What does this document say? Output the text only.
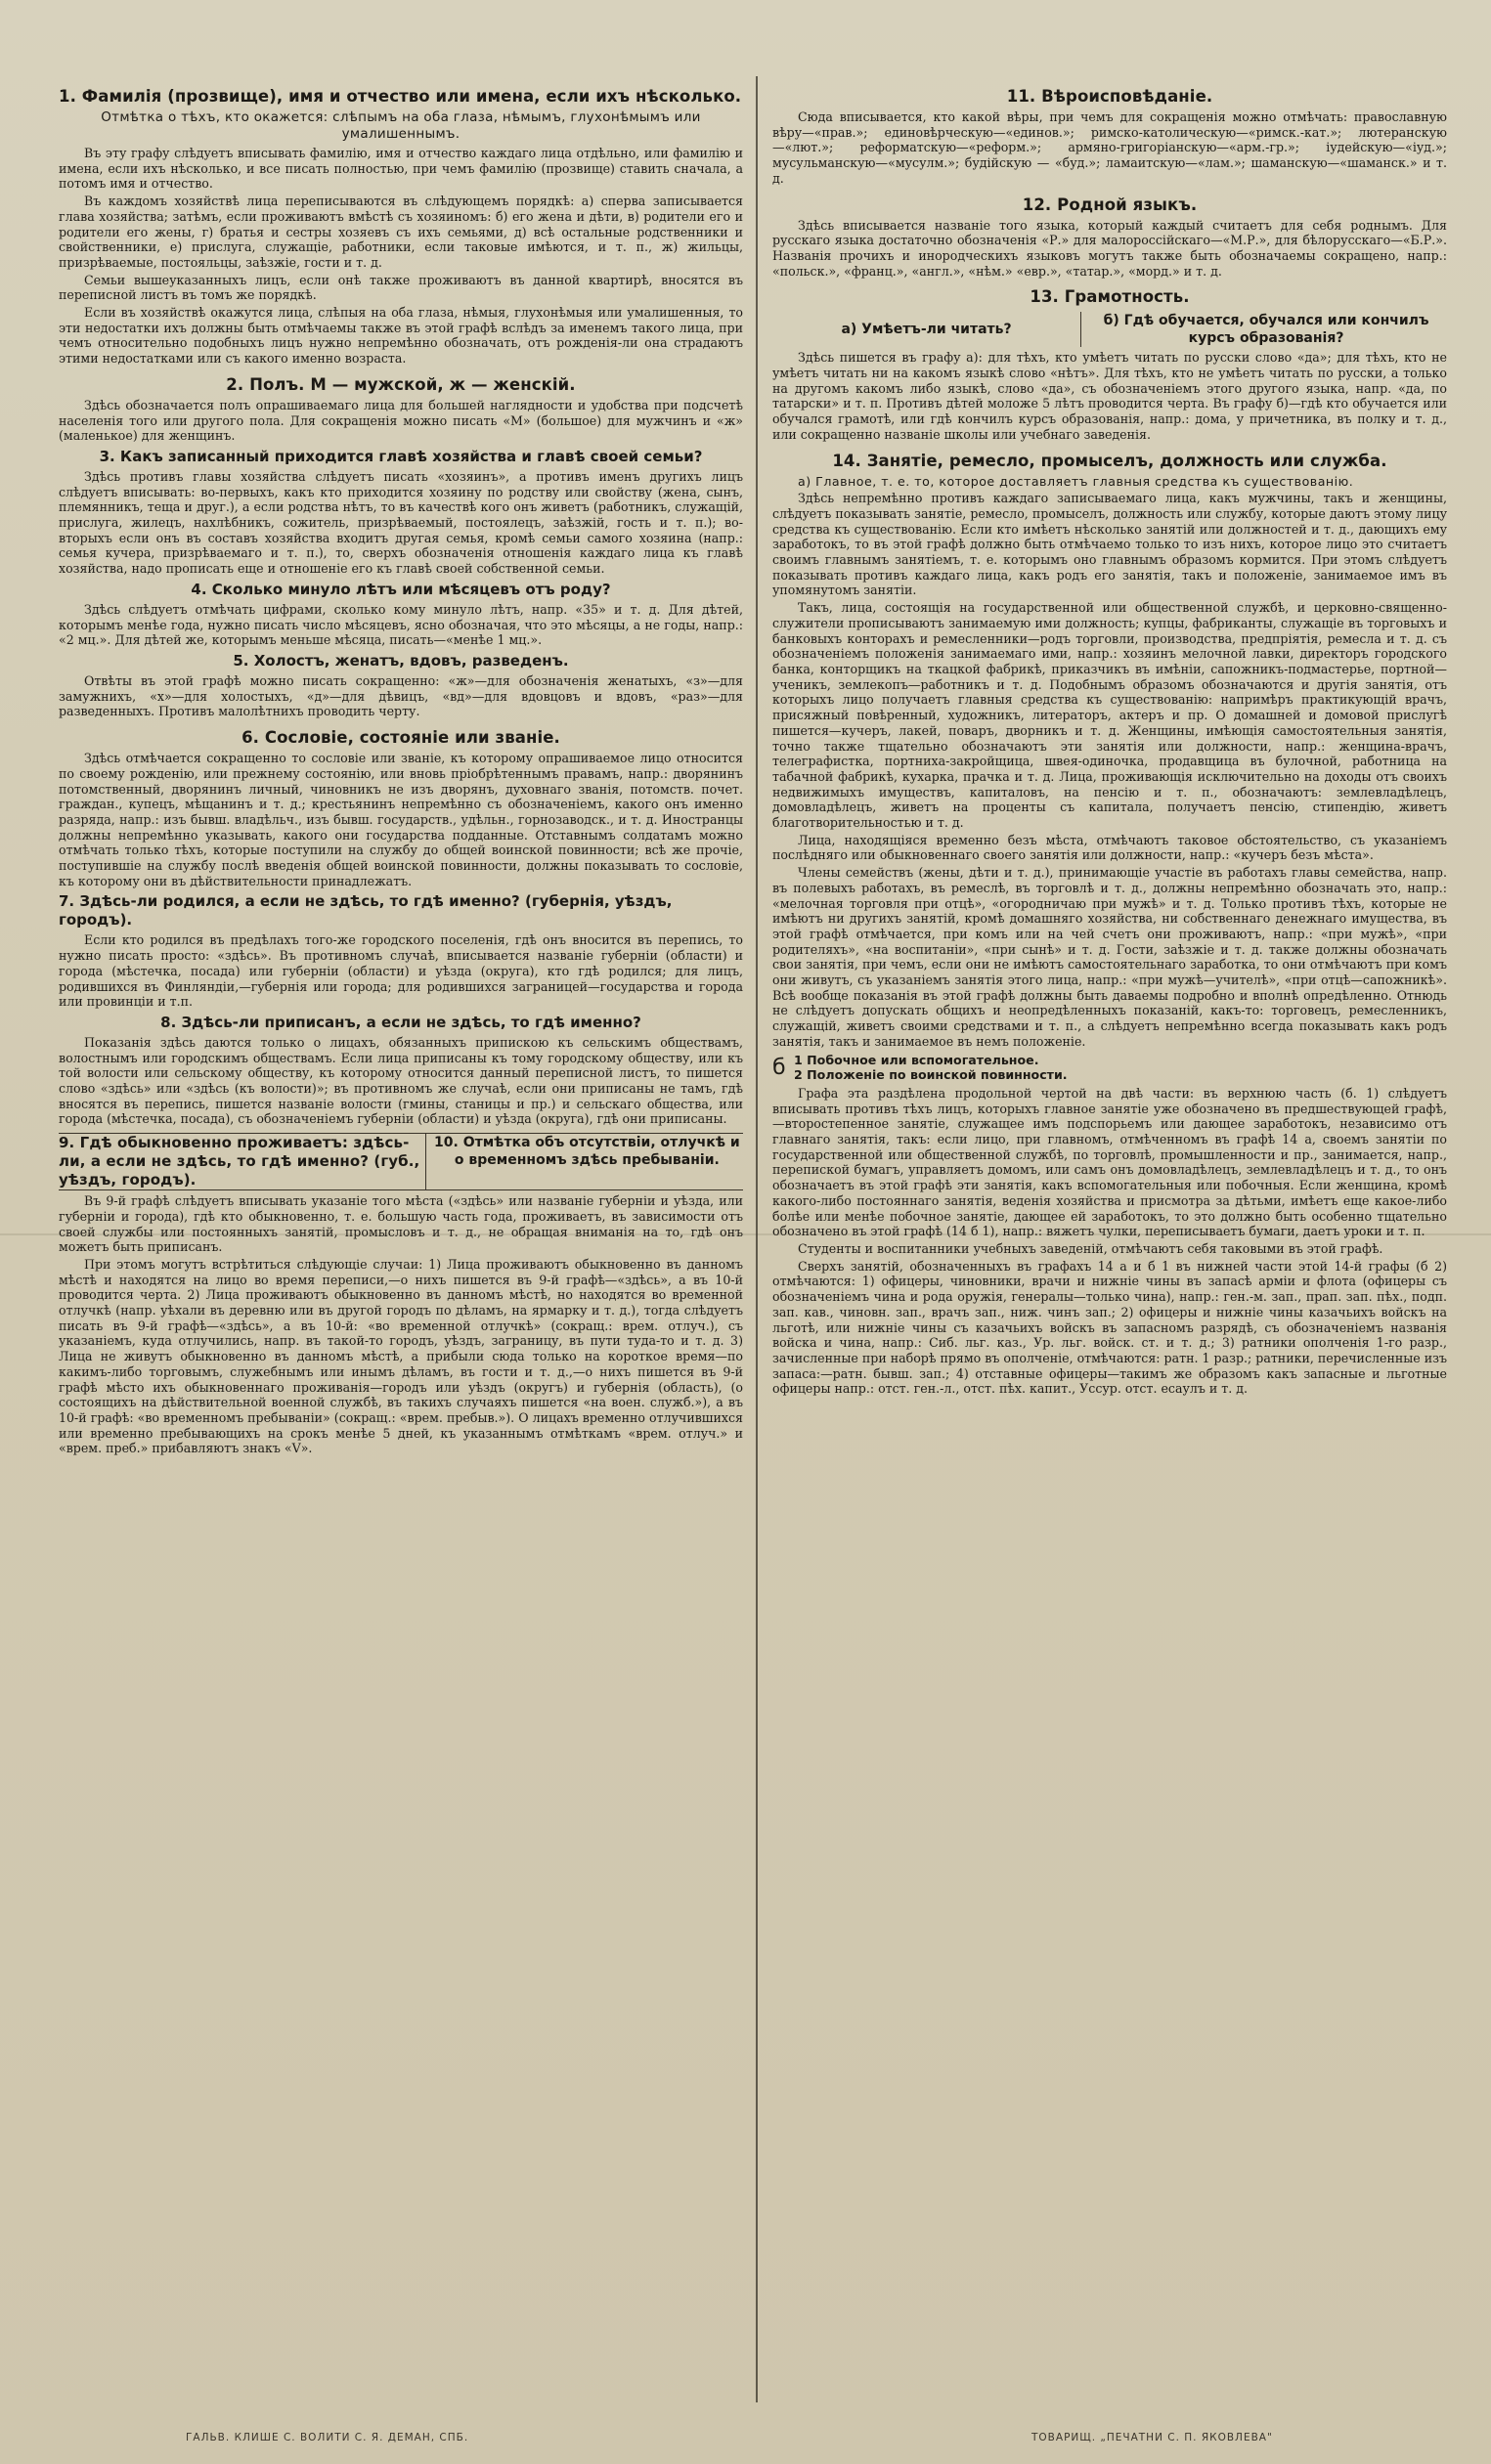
1. Фамилія (прозвище), имя и отчество или имена, если ихъ нѣсколько.
Отмѣтка о тѣхъ, кто окажется: слѣпымъ на оба глаза, нѣмымъ, глухонѣмымъ или умалишеннымъ.

Въ эту графу слѣдуетъ вписывать фамилію, имя и отчество каждаго лица отдѣльно, или фамилію и имена, если ихъ нѣсколько, и все писать полностью, при чемъ фамилію (прозвище) ставить сначала, а потомъ имя и отчество.

Въ каждомъ хозяйствѣ лица переписываются въ слѣдующемъ порядкѣ: а) сперва записывается глава хозяйства; затѣмъ, если проживаютъ вмѣстѣ съ хозяиномъ: б) его жена и дѣти, в) родители его и родители его жены, г) братья и сестры хозяевъ съ ихъ семьями, д) всѣ остальные родственники и свойственники, е) прислуга, служащіе, работники, если таковые имѣются, и т. п., ж) жильцы, призрѣваемые, постояльцы, заѣзжіе, гости и т. д.

Семьи вышеуказанныхъ лицъ, если онѣ также проживаютъ въ данной квартирѣ, вносятся въ переписной листъ въ томъ же порядкѣ.

Если въ хозяйствѣ окажутся лица, слѣпыя на оба глаза, нѣмыя, глухонѣмыя или умалишенныя, то эти недостатки ихъ должны быть отмѣчаемы также въ этой графѣ вслѣдъ за именемъ такого лица, при чемъ относительно подобныхъ лицъ нужно непремѣнно обозначать, отъ рожденія-ли она страдаютъ этими недостатками или съ какого именно возраста.

2. Полъ. М — мужской, ж — женскій.

Здѣсь обозначается полъ опрашиваемаго лица для большей наглядности и удобства при подсчетѣ населенія того или другого пола. Для сокращенія можно писать «М» (большое) для мужчинъ и «ж» (маленькое) для женщинъ.

3. Какъ записанный приходится главѣ хозяйства и главѣ своей семьи?

Здѣсь противъ главы хозяйства слѣдуетъ писать «хозяинъ», а противъ именъ другихъ лицъ слѣдуетъ вписывать: во-первыхъ, какъ кто приходится хозяину по родству или свойству (жена, сынъ, племянникъ, теща и друг.), а если родства нѣтъ, то въ качествѣ кого онъ живетъ (работникъ, служащій, прислуга, жилецъ, нахлѣбникъ, сожитель, призрѣваемый, постоялецъ, заѣзжій, гость и т. п.); во-вторыхъ если онъ въ составъ хозяйства входитъ другая семья, кромѣ семьи самого хозяина (напр.: семья кучера, призрѣваемаго и т. п.), то, сверхъ обозначенія отношенія каждаго лица къ главѣ хозяйства, надо прописать еще и отношеніе его къ главѣ своей собственной семьи.

4. Сколько минуло лѣтъ или мѣсяцевъ отъ роду?

Здѣсь слѣдуетъ отмѣчать цифрами, сколько кому минуло лѣтъ, напр. «35» и т. д. Для дѣтей, которымъ менѣе года, нужно писать число мѣсяцевъ, ясно обозначая, что это мѣсяцы, а не годы, напр.: «2 мц.». Для дѣтей же, которымъ меньше мѣсяца, писать—«менѣе 1 мц.».

5. Холостъ, женатъ, вдовъ, разведенъ.

Отвѣты въ этой графѣ можно писать сокращенно: «ж»—для обозначенія женатыхъ, «з»—для замужнихъ, «х»—для холостыхъ, «д»—для дѣвицъ, «вд»—для вдовцовъ и вдовъ, «раз»—для разведенныхъ. Противъ малолѣтнихъ проводить черту.

6. Сословіе, состояніе или званіе.

Здѣсь отмѣчается сокращенно то сословіе или званіе, къ которому опрашиваемое лицо относится по своему рожденію, или прежнему состоянію, или вновь пріобрѣтеннымъ правамъ, напр.: дворянинъ потомственный, дворянинъ личный, чиновникъ не изъ дворянъ, духовнаго званія, потомств. почет. граждан., купецъ, мѣщанинъ и т. д.; крестьянинъ непремѣнно съ обозначеніемъ, какого онъ именно разряда, напр.: изъ бывш. владѣльч., изъ бывш. государств., удѣльн., горнозаводск., и т. д. Иностранцы должны непремѣнно указывать, какого они государства подданные. Отставнымъ солдатамъ можно отмѣчать только тѣхъ, которые поступили на службу до общей воинской повинности; всѣ же прочіе, поступившіе на службу послѣ введенія общей воинской повинности, должны показывать то сословіе, къ которому они въ дѣйствительности принадлежатъ.

7. Здѣсь-ли родился, а если не здѣсь, то гдѣ именно? (губернія, уѣздъ, городъ).

Если кто родился въ предѣлахъ того-же городского поселенія, гдѣ онъ вносится въ перепись, то нужно писать просто: «здѣсь». Въ противномъ случаѣ, вписывается названіе губерніи (области) и города (мѣстечка, посада) или губерніи (области) и уѣзда (округа), кто гдѣ родился; для лицъ, родившихся въ Финляндіи,—губернія или города; для родившихся заграницей—государства и города или провинціи и т.п.

8. Здѣсь-ли приписанъ, а если не здѣсь, то гдѣ именно?

Показанія здѣсь даются только о лицахъ, обязанныхъ припискою къ сельскимъ обществамъ, волостнымъ или городскимъ обществамъ. Если лица приписаны къ тому городскому обществу, или къ той волости или сельскому обществу, къ которому относится данный переписной листъ, то пишется слово «здѣсь» или «здѣсь (къ волости)»; въ противномъ же случаѣ, если они приписаны не тамъ, гдѣ вносятся въ перепись, пишется названіе волости (гмины, станицы и пр.) и сельскаго общества, или города (мѣстечка, посада), съ обозначеніемъ губерніи (области) и уѣзда (округа), гдѣ они приписаны.

9. Гдѣ обыкновенно проживаетъ: здѣсь-ли, а если не здѣсь, то гдѣ именно? (губ., уѣздъ, городъ).
10. Отмѣтка объ отсутствіи, отлучкѣ и о временномъ здѣсь пребываніи.

Въ 9-й графѣ слѣдуетъ вписывать указаніе того мѣста («здѣсь» или названіе губерніи и уѣзда, или губерніи и города), гдѣ кто обыкновенно, т. е. большую часть года, проживаетъ, въ зависимости отъ своей службы или постоянныхъ занятій, промысловъ и т. д., не обращая вниманія на то, гдѣ онъ можетъ быть приписанъ.

При этомъ могутъ встрѣтиться слѣдующіе случаи: 1) Лица проживаютъ обыкновенно въ данномъ мѣстѣ и находятся на лицо во время переписи,—о нихъ пишется въ 9-й графѣ—«здѣсь», а въ 10-й проводится черта. 2) Лица проживаютъ обыкновенно въ данномъ мѣстѣ, но находятся во временной отлучкѣ (напр. уѣхали въ деревню или въ другой городъ по дѣламъ, на ярмарку и т. д.), тогда слѣдуетъ писать въ 9-й графѣ—«здѣсь», а въ 10-й: «во временной отлучкѣ» (сокращ.: врем. отлуч.), съ указаніемъ, куда отлучились, напр. въ такой-то городъ, уѣздъ, заграницу, въ пути туда-то и т. д. 3) Лица не живутъ обыкновенно въ данномъ мѣстѣ, а прибыли сюда только на короткое время—по какимъ-либо торговымъ, служебнымъ или инымъ дѣламъ, въ гости и т. д.,—о нихъ пишется въ 9-й графѣ мѣсто ихъ обыкновеннаго проживанія—городъ или уѣздъ (округъ) и губернія (область), (о состоящихъ на дѣйствительной военной службѣ, въ такихъ случаяхъ пишется «на воен. служб.»), а въ 10-й графѣ: «во временномъ пребываніи» (сокращ.: «врем. пребыв.»). О лицахъ временно отлучившихся или временно пребывающихъ на срокъ менѣе 5 дней, къ указаннымъ отмѣткамъ «врем. отлуч.» и «врем. преб.» прибавляютъ знакъ «V».

11. Вѣроисповѣданіе.

Сюда вписывается, кто какой вѣры, при чемъ для сокращенія можно отмѣчать: православную вѣру—«прав.»; единовѣрческую—«единов.»; римско-католическую—«римск.-кат.»; лютеранскую—«лют.»; реформатскую—«реформ.»; армяно-григоріанскую—«арм.-гр.»; іудейскую—«іуд.»; мусульманскую—«мусулм.»; будійскую — «буд.»; ламаитскую—«лам.»; шаманскую—«шаманск.» и т. д.

12. Родной языкъ.

Здѣсь вписывается названіе того языка, который каждый считаетъ для себя роднымъ. Для русскаго языка достаточно обозначенія «Р.» для малороссійскаго—«М.Р.», для бѣлорусскаго—«Б.Р.». Названія прочихъ и инородческихъ языковъ могутъ также быть обозначаемы сокращено, напр.: «польск.», «франц.», «англ.», «нѣм.» «евр.», «татар.», «морд.» и т. д.

13. Грамотность.
а) Умѣетъ-ли читать?
б) Гдѣ обучается, обучался или кончилъ курсъ образованія?

Здѣсь пишется въ графу а): для тѣхъ, кто умѣетъ читать по русски слово «да»; для тѣхъ, кто не умѣетъ читать ни на какомъ языкѣ слово «нѣтъ». Для тѣхъ, кто не умѣетъ читать по русски, а только на другомъ какомъ либо языкѣ, слово «да», съ обозначеніемъ этого другого языка, напр. «да, по татарски» и т. п. Противъ дѣтей моложе 5 лѣтъ проводится черта. Въ графу б)—гдѣ кто обучается или обучался грамотѣ, или гдѣ кончилъ курсъ образованія, напр.: дома, у причетника, въ полку и т. д., или сокращенно названіе школы или учебнаго заведенія.

14. Занятіе, ремесло, промыселъ, должность или служба.
а) Главное, т. е. то, которое доставляетъ главныя средства къ существованію.

Здѣсь непремѣнно противъ каждаго записываемаго лица, какъ мужчины, такъ и женщины, слѣдуетъ показывать занятіе, ремесло, промыселъ, должность или службу, которые даютъ этому лицу средства къ существованію. Если кто имѣетъ нѣсколько занятій или должностей и т. д., дающихъ ему заработокъ, то въ этой графѣ должно быть отмѣчаемо только то изъ нихъ, которое лицо это считаетъ своимъ главнымъ занятіемъ, т. е. которымъ оно главнымъ образомъ кормится. При этомъ слѣдуетъ показывать противъ каждаго лица, какъ родъ его занятія, такъ и положеніе, занимаемое имъ въ упомянутомъ занятіи.

Такъ, лица, состоящія на государственной или общественной службѣ, и церковно-священно-служители прописываютъ занимаемую ими должность; купцы, фабриканты, служащіе въ торговыхъ и банковыхъ конторахъ и ремесленники—родъ торговли, производства, предпріятія, ремесла и т. д. съ обозначеніемъ положенія занимаемаго ими, напр.: хозяинъ мелочной лавки, директоръ городского банка, конторщикъ на ткацкой фабрикѣ, приказчикъ въ имѣніи, сапожникъ-подмастерье, портной—ученикъ, землекопъ—работникъ и т. д. Подобнымъ образомъ обозначаются и другія занятія, отъ которыхъ лицо получаетъ главныя средства къ существованію: напримѣръ практикующій врачъ, присяжный повѣренный, художникъ, литераторъ, актеръ и пр. О домашней и домовой прислугѣ пишется—кучеръ, лакей, поваръ, дворникъ и т. д. Женщины, имѣющія самостоятельныя занятія, точно также тщательно обозначаютъ эти занятія или должности, напр.: женщина-врачъ, телеграфистка, портниха-закройщица, швея-одиночка, продавщица въ булочной, работница на табачной фабрикѣ, кухарка, прачка и т. д. Лица, проживающія исключительно на доходы отъ своихъ недвижимыхъ имуществъ, капиталовъ, на пенсію и т. п., обозначаютъ: землевладѣлецъ, домовладѣлецъ, живетъ на проценты съ капитала, получаетъ пенсію, стипендію, живетъ благотворительностью и т. д.

Лица, находящіяся временно безъ мѣста, отмѣчаютъ таковое обстоятельство, съ указаніемъ послѣдняго или обыкновеннаго своего занятія или должности, напр.: «кучеръ безъ мѣста».

Члены семействъ (жены, дѣти и т. д.), принимающіе участіе въ работахъ главы семейства, напр. въ полевыхъ работахъ, въ ремеслѣ, въ торговлѣ и т. д., должны непремѣнно обозначать это, напр.: «мелочная торговля при отцѣ», «огородничаю при мужѣ» и т. д. Только противъ тѣхъ, которые не имѣютъ ни другихъ занятій, кромѣ домашняго хозяйства, ни собственнаго денежнаго имущества, въ этой графѣ отмѣчается, при комъ или на чей счетъ они проживаютъ, напр.: «при мужѣ», «при родителяхъ», «на воспитаніи», «при сынѣ» и т. д. Гости, заѣзжіе и т. д. также должны обозначать свои занятія, при чемъ, если они не имѣютъ самостоятельнаго заработка, то они отмѣчаютъ при комъ они живутъ, съ указаніемъ занятія этого лица, напр.: «при мужѣ—учителѣ», «при отцѣ—сапожникѣ». Всѣ вообще показанія въ этой графѣ должны быть даваемы подробно и вполнѣ опредѣленно. Отнюдь не слѣдуетъ допускать общихъ и неопредѣленныхъ показаній, какъ-то: торговецъ, ремесленникъ, служащій, живетъ своими средствами и т. п., а слѣдуетъ непремѣнно всегда показывать какъ родъ занятія, такъ и занимаемое въ немъ положеніе.

б 1 Побочное или вспомогательное.
2 Положеніе по воинской повинности.

Графа эта раздѣлена продольной чертой на двѣ части: въ верхнюю часть (б. 1) слѣдуетъ вписывать противъ тѣхъ лицъ, которыхъ главное занятіе уже обозначено въ предшествующей графѣ,—второстепенное занятіе, служащее имъ подспорьемъ или дающее заработокъ, независимо отъ главнаго занятія, такъ: если лицо, при главномъ, отмѣченномъ въ графѣ 14 а, своемъ занятіи по государственной или общественной службѣ, по торговлѣ, промышленности и пр., занимается, напр., перепиской бумагъ, управляетъ домомъ, или самъ онъ домовладѣлецъ, землевладѣлецъ и т. д., то онъ обозначаетъ въ этой графѣ эти занятія, какъ вспомогательныя или побочныя. Если женщина, кромѣ какого-либо постояннаго занятія, веденія хозяйства и присмотра за дѣтьми, имѣетъ еще какое-либо болѣе или менѣе побочное занятіе, дающее ей заработокъ, то это должно быть особенно тщательно обозначено въ этой графѣ (14 б 1), напр.: вяжетъ чулки, переписываетъ бумаги, даетъ уроки и т. п.

Студенты и воспитанники учебныхъ заведеній, отмѣчаютъ себя таковыми въ этой графѣ.

Сверхъ занятій, обозначенныхъ въ графахъ 14 а и б 1 въ нижней части этой 14-й графы (б 2) отмѣчаются: 1) офицеры, чиновники, врачи и нижніе чины въ запасѣ арміи и флота (офицеры съ обозначеніемъ чина и рода оружія, генералы—только чина), напр.: ген.-м. зап., прап. зап. пѣх., подп. зап. кав., чиновн. зап., врачъ зап., ниж. чинъ зап.; 2) офицеры и нижніе чины казачьихъ войскъ на льготѣ, или нижніе чины съ казачьихъ войскъ въ запасномъ разрядѣ, съ обозначеніемъ названія войска и чина, напр.: Сиб. льг. каз., Ур. льг. войск. ст. и т. д.; 3) ратники ополченія 1-го разр., зачисленные при наборѣ прямо въ ополченіе, отмѣчаются: ратн. 1 разр.; ратники, перечисленные изъ запаса:—ратн. бывш. зап.; 4) отставные офицеры—такимъ же образомъ какъ запасные и льготные офицеры напр.: отст. ген.-л., отст. пѣх. капит., Уссур. отст. есаулъ и т. д.

ГАЛЬВ. КЛИШЕ С. ВОЛИТИ С. Я. ДЕМАН, СПБ.	ТОВАРИЩ. „ПЕЧАТНИ С. П. ЯКОВЛЕВА"
